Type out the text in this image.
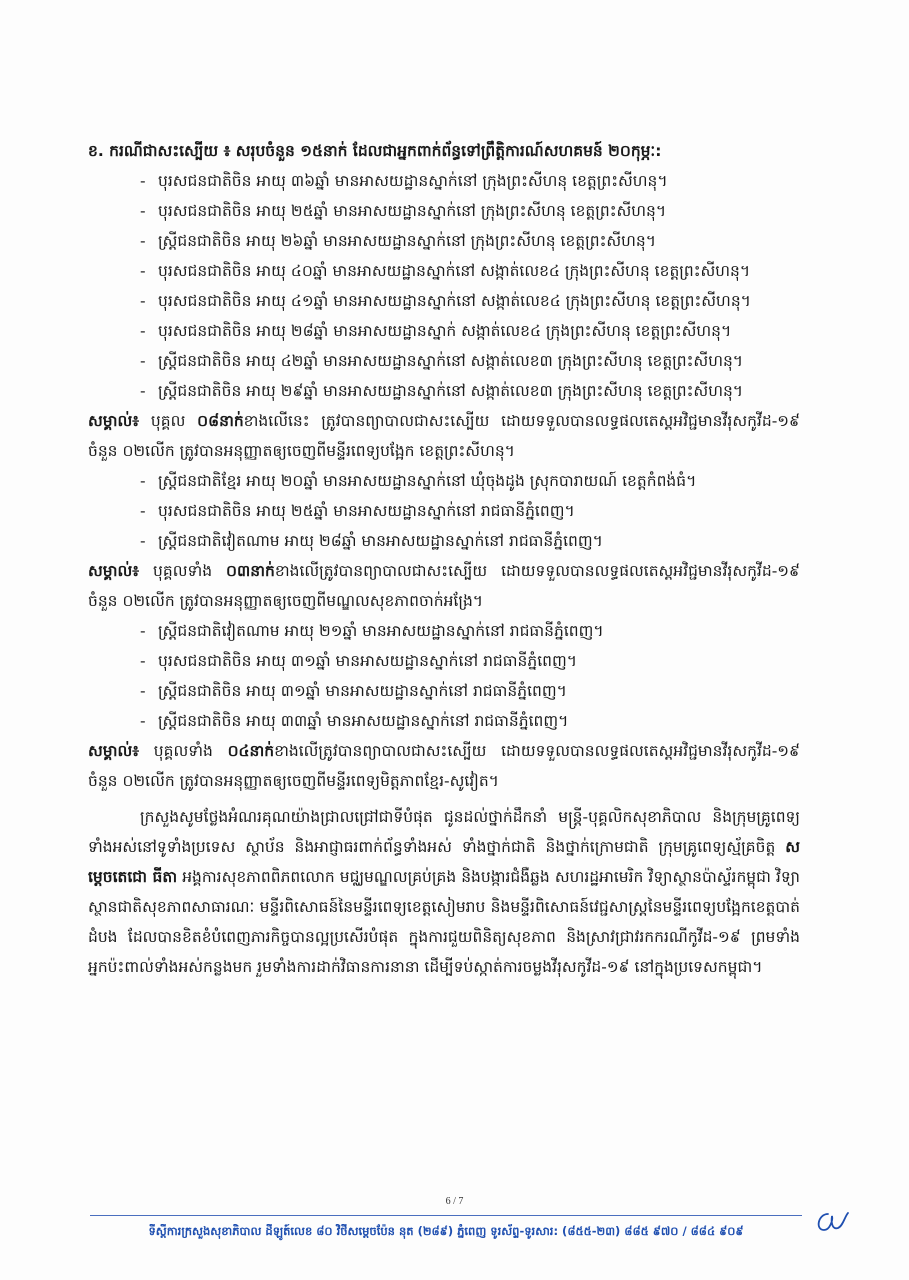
ខ. ករណីជាសះស្បើយ ៖ សរុបចំនួន ១៥នាក់ ដែលជាអ្នកពាក់ព័ន្ធទៅព្រឹត្តិការណ៍សហគមន៍ ២០កុម្ភៈ:
- បុរសជនជាតិចិន អាយុ ៣៦ឆ្នាំ មានអាសយដ្ឋានស្នាក់នៅ ក្រុងព្រះសីហនុ ខេត្តព្រះសីហនុ។
- បុរសជនជាតិចិន អាយុ ២៥ឆ្នាំ មានអាសយដ្ឋានស្នាក់នៅ ក្រុងព្រះសីហនុ ខេត្តព្រះសីហនុ។
- ស្ត្រីជនជាតិចិន អាយុ ២៦ឆ្នាំ មានអាសយដ្ឋានស្នាក់នៅ ក្រុងព្រះសីហនុ ខេត្តព្រះសីហនុ។
- បុរសជនជាតិចិន អាយុ ៤០ឆ្នាំ មានអាសយដ្ឋានស្នាក់នៅ សង្កាត់លេខ៤ ក្រុងព្រះសីហនុ ខេត្តព្រះសីហនុ។
- បុរសជនជាតិចិន អាយុ ៤១ឆ្នាំ មានអាសយដ្ឋានស្នាក់នៅ សង្កាត់លេខ៤ ក្រុងព្រះសីហនុ ខេត្តព្រះសីហនុ។
- បុរសជនជាតិចិន អាយុ ២៨ឆ្នាំ មានអាសយដ្ឋានស្នាក់ សង្កាត់លេខ៤ ក្រុងព្រះសីហនុ ខេត្តព្រះសីហនុ។
- ស្ត្រីជនជាតិចិន អាយុ ៤២ឆ្នាំ មានអាសយដ្ឋានស្នាក់នៅ សង្កាត់លេខ៣ ក្រុងព្រះសីហនុ ខេត្តព្រះសីហនុ។
- ស្ត្រីជនជាតិចិន អាយុ ២៩ឆ្នាំ មានអាសយដ្ឋានស្នាក់នៅ សង្កាត់លេខ៣ ក្រុងព្រះសីហនុ ខេត្តព្រះសីហនុ។
សម្គាល់៖ បុគ្គល ០៨នាក់ខាងលើនេះ ត្រូវបានព្យាបាលជាសះស្បើយ ដោយទទួលបានលទ្ធផលតេស្តអវិជ្ជមានវីរុសកូវីដ-១៩ ចំនួន ០២លើក ត្រូវបានអនុញ្ញាតឲ្យចេញពីមន្ទីរពេទ្យបង្អែក ខេត្តព្រះសីហនុ។
- ស្ត្រីជនជាតិខ្មែរ អាយុ ២០ឆ្នាំ មានអាសយដ្ឋានស្នាក់នៅ ឃុំចុងដូង ស្រុកបារាយណ៍ ខេត្តកំពង់ធំ។
- បុរសជនជាតិចិន អាយុ ២៥ឆ្នាំ មានអាសយដ្ឋានស្នាក់នៅ រាជធានីភ្នំពេញ។
- ស្ត្រីជនជាតិវៀតណាម អាយុ ២៨ឆ្នាំ មានអាសយដ្ឋានស្នាក់នៅ រាជធានីភ្នំពេញ។
សម្គាល់៖ បុគ្គលទាំង ០៣នាក់ខាងលើត្រូវបានព្យាបាលជាសះស្បើយ ដោយទទួលបានលទ្ធផលតេស្តអវិជ្ជមានវីរុសកូវីដ-១៩ ចំនួន ០២លើក ត្រូវបានអនុញ្ញាតឲ្យចេញពីមណ្ឌលសុខភាពចាក់អង្រែ។
- ស្ត្រីជនជាតិវៀតណាម អាយុ ២១ឆ្នាំ មានអាសយដ្ឋានស្នាក់នៅ រាជធានីភ្នំពេញ។
- បុរសជនជាតិចិន អាយុ ៣១ឆ្នាំ មានអាសយដ្ឋានស្នាក់នៅ រាជធានីភ្នំពេញ។
- ស្ត្រីជនជាតិចិន អាយុ ៣១ឆ្នាំ មានអាសយដ្ឋានស្នាក់នៅ រាជធានីភ្នំពេញ។
- ស្ត្រីជនជាតិចិន អាយុ ៣៣ឆ្នាំ មានអាសយដ្ឋានស្នាក់នៅ រាជធានីភ្នំពេញ។
សម្គាល់៖ បុគ្គលទាំង ០៤នាក់ខាងលើត្រូវបានព្យាបាលជាសះស្បើយ ដោយទទួលបានលទ្ធផលតេស្តអវិជ្ជមានវីរុសកូវីដ-១៩ ចំនួន ០២លើក ត្រូវបានអនុញ្ញាតឲ្យចេញពីមន្ទីរពេទ្យមិត្តភាពខ្មែរ-សូវៀត។
ក្រសួងសូមថ្លែងអំណរគុណយ៉ាងជ្រាលជ្រៅជាទីបំផុត ជូនដល់ថ្នាក់ដឹកនាំ មន្ត្រី-បុគ្គលិកសុខាភិបាល និងក្រុមគ្រូពេទ្យទាំងអស់នៅទូទាំងប្រទេស ស្ថាប័ន និងអាជ្ញាធរពាក់ព័ន្ធទាំងអស់ ទាំងថ្នាក់ជាតិ និងថ្នាក់ក្រោមជាតិ ក្រុមគ្រូពេទ្យស្ម័គ្រចិត្ត សម្តេចតេជោ ធីតា អង្គការសុខភាពពិភពលោក មជ្ឈមណ្ឌលគ្រប់គ្រង និងបង្ការជំងឺឆ្លង សហរដ្ឋអាមេរិក វិទ្យាស្ថានប៉ាស្ទ័រកម្ពុជា វិទ្យាស្ថានជាតិសុខភាពសាធារណៈ មន្ទីរពិសោធន៍នៃមន្ទីរពេទ្យខេត្តសៀមរាប និងមន្ទីរពិសោធន៍វេជ្ជសាស្ត្រនៃមន្ទីរពេទ្យបង្អែកខេត្តបាត់ដំបង ដែលបានខិតខំបំពេញភារកិច្ចបានល្អប្រសើរបំផុត ក្នុងការជួយពិនិត្យសុខភាព និងស្រាវជ្រាវរកករណីកូវីដ-១៩ ព្រមទាំងអ្នកប៉ះពាល់ទាំងអស់កន្លងមក រួមទាំងការដាក់វិធានការនានា ដើម្បីទប់ស្កាត់ការចម្លងវីរុសកូវីដ-១៩ នៅក្នុងប្រទេសកម្ពុជា។
6 / 7
ទីស្តីការក្រសួងសុខាភិបាល ដីឡូត៍លេខ ៨០ វិថីសម្តេចប៉ែន នុត (២៨៩) ភ្នំពេញ ទូរស័ព្ទ-ទូរសារ: (៨៥៥-២៣) ៨៨៥ ៩៧០ / ៨៨៤ ៩០៩
